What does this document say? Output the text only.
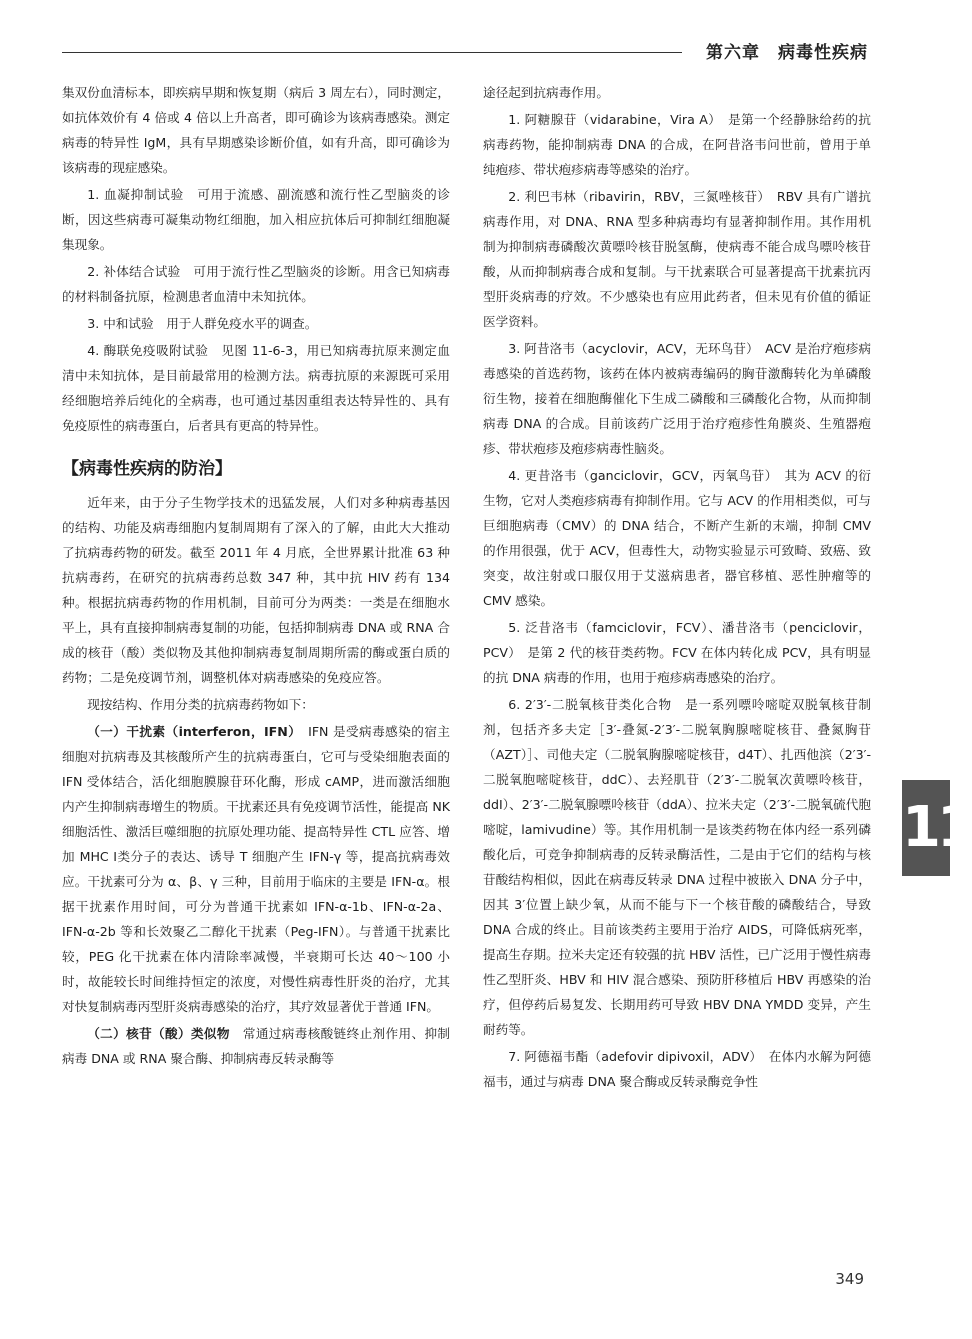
第六章　病毒性疾病

集双份血清标本，即疾病早期和恢复期（病后 3 周左右），同时测定，如抗体效价有 4 倍或 4 倍以上升高者，即可确诊为该病毒感染。测定病毒的特异性 IgM，具有早期感染诊断价值，如有升高，即可确诊为该病毒的现症感染。

1. 血凝抑制试验　可用于流感、副流感和流行性乙型脑炎的诊断，因这些病毒可凝集动物红细胞，加入相应抗体后可抑制红细胞凝集现象。

2. 补体结合试验　可用于流行性乙型脑炎的诊断。用含已知病毒的材料制备抗原，检测患者血清中未知抗体。

3. 中和试验　用于人群免疫水平的调查。

4. 酶联免疫吸附试验　见图 11-6-3，用已知病毒抗原来测定血清中未知抗体，是目前最常用的检测方法。病毒抗原的来源既可采用经细胞培养后纯化的全病毒，也可通过基因重组表达特异性的、具有免疫原性的病毒蛋白，后者具有更高的特异性。

【病毒性疾病的防治】

近年来，由于分子生物学技术的迅猛发展，人们对多种病毒基因的结构、功能及病毒细胞内复制周期有了深入的了解，由此大大推动了抗病毒药物的研发。截至 2011 年 4 月底，全世界累计批准 63 种抗病毒药，在研究的抗病毒药总数 347 种，其中抗 HIV 药有 134 种。根据抗病毒药物的作用机制，目前可分为两类：一类是在细胞水平上，具有直接抑制病毒复制的功能，包括抑制病毒 DNA 或 RNA 合成的核苷（酸）类似物及其他抑制病毒复制周期所需的酶或蛋白质的药物；二是免疫调节剂，调整机体对病毒感染的免疫应答。

现按结构、作用分类的抗病毒药物如下：

（一）干扰素（interferon，IFN）　IFN 是受病毒感染的宿主细胞对抗病毒及其核酸所产生的抗病毒蛋白，它可与受染细胞表面的 IFN 受体结合，活化细胞膜腺苷环化酶，形成 cAMP，进而激活细胞内产生抑制病毒增生的物质。干扰素还具有免疫调节活性，能提高 NK 细胞活性、激活巨噬细胞的抗原处理功能、提高特异性 CTL 应答、增加 MHC Ⅰ类分子的表达、诱导 T 细胞产生 IFN-γ 等，提高抗病毒效应。干扰素可分为 α、β、γ 三种，目前用于临床的主要是 IFN-α。根据干扰素作用时间，可分为普通干扰素如 IFN-α-1b、IFN-α-2a、IFN-α-2b 等和长效聚乙二醇化干扰素（Peg-IFN）。与普通干扰素比较，PEG 化干扰素在体内清除率减慢，半衰期可长达 40～100 小时，故能较长时间维持恒定的浓度，对慢性病毒性肝炎的治疗，尤其对快复制病毒丙型肝炎病毒感染的治疗，其疗效显著优于普通 IFN。

（二）核苷（酸）类似物　常通过病毒核酸链终止剂作用、抑制病毒 DNA 或 RNA 聚合酶、抑制病毒反转录酶等

途径起到抗病毒作用。

1. 阿糖腺苷（vidarabine，Vira A）　是第一个经静脉给药的抗病毒药物，能抑制病毒 DNA 的合成，在阿昔洛韦问世前，曾用于单纯疱疹、带状疱疹病毒等感染的治疗。

2. 利巴韦林（ribavirin，RBV，三氮唑核苷）　RBV 具有广谱抗病毒作用，对 DNA、RNA 型多种病毒均有显著抑制作用。其作用机制为抑制病毒磷酸次黄嘌呤核苷脱氢酶，使病毒不能合成鸟嘌呤核苷酸，从而抑制病毒合成和复制。与干扰素联合可显著提高干扰素抗丙型肝炎病毒的疗效。不少感染也有应用此药者，但未见有价值的循证医学资料。

3. 阿昔洛韦（acyclovir，ACV，无环鸟苷）　ACV 是治疗疱疹病毒感染的首选药物，该药在体内被病毒编码的胸苷激酶转化为单磷酸衍生物，接着在细胞酶催化下生成二磷酸和三磷酸化合物，从而抑制病毒 DNA 的合成。目前该药广泛用于治疗疱疹性角膜炎、生殖器疱疹、带状疱疹及疱疹病毒性脑炎。

4. 更昔洛韦（ganciclovir，GCV，丙氧鸟苷）　其为 ACV 的衍生物，它对人类疱疹病毒有抑制作用。它与 ACV 的作用相类似，可与巨细胞病毒（CMV）的 DNA 结合，不断产生新的末端，抑制 CMV 的作用很强，优于 ACV，但毒性大，动物实验显示可致畸、致癌、致突变，故注射或口服仅用于艾滋病患者，器官移植、恶性肿瘤等的 CMV 感染。

5. 泛昔洛韦（famciclovir，FCV）、潘昔洛韦（penciclovir，PCV）　是第 2 代的核苷类药物。FCV 在体内转化成 PCV，具有明显的抗 DNA 病毒的作用，也用于疱疹病毒感染的治疗。

6. 2′3′-二脱氧核苷类化合物　是一系列嘌呤嘧啶双脱氧核苷制剂，包括齐多夫定［3′-叠氮-2′3′-二脱氧胸腺嘧啶核苷、叠氮胸苷（AZT）］、司他夫定（二脱氧胸腺嘧啶核苷，d4T）、扎西他滨（2′3′-二脱氧胞嘧啶核苷，ddC）、去羟肌苷（2′3′-二脱氧次黄嘌呤核苷，ddI）、2′3′-二脱氧腺嘌呤核苷（ddA）、拉米夫定（2′3′-二脱氧硫代胞嘧啶，lamivudine）等。其作用机制一是该类药物在体内经一系列磷酸化后，可竞争抑制病毒的反转录酶活性，二是由于它们的结构与核苷酸结构相似，因此在病毒反转录 DNA 过程中被嵌入 DNA 分子中，因其 3′位置上缺少氧，从而不能与下一个核苷酸的磷酸结合，导致 DNA 合成的终止。目前该类药主要用于治疗 AIDS，可降低病死率，提高生存期。拉米夫定还有较强的抗 HBV 活性，已广泛用于慢性病毒性乙型肝炎、HBV 和 HIV 混合感染、预防肝移植后 HBV 再感染的治疗，但停药后易复发、长期用药可导致 HBV DNA YMDD 变异，产生耐药等。

7. 阿德福韦酯（adefovir dipivoxil，ADV）　在体内水解为阿德福韦，通过与病毒 DNA 聚合酶或反转录酶竞争性

11
349
